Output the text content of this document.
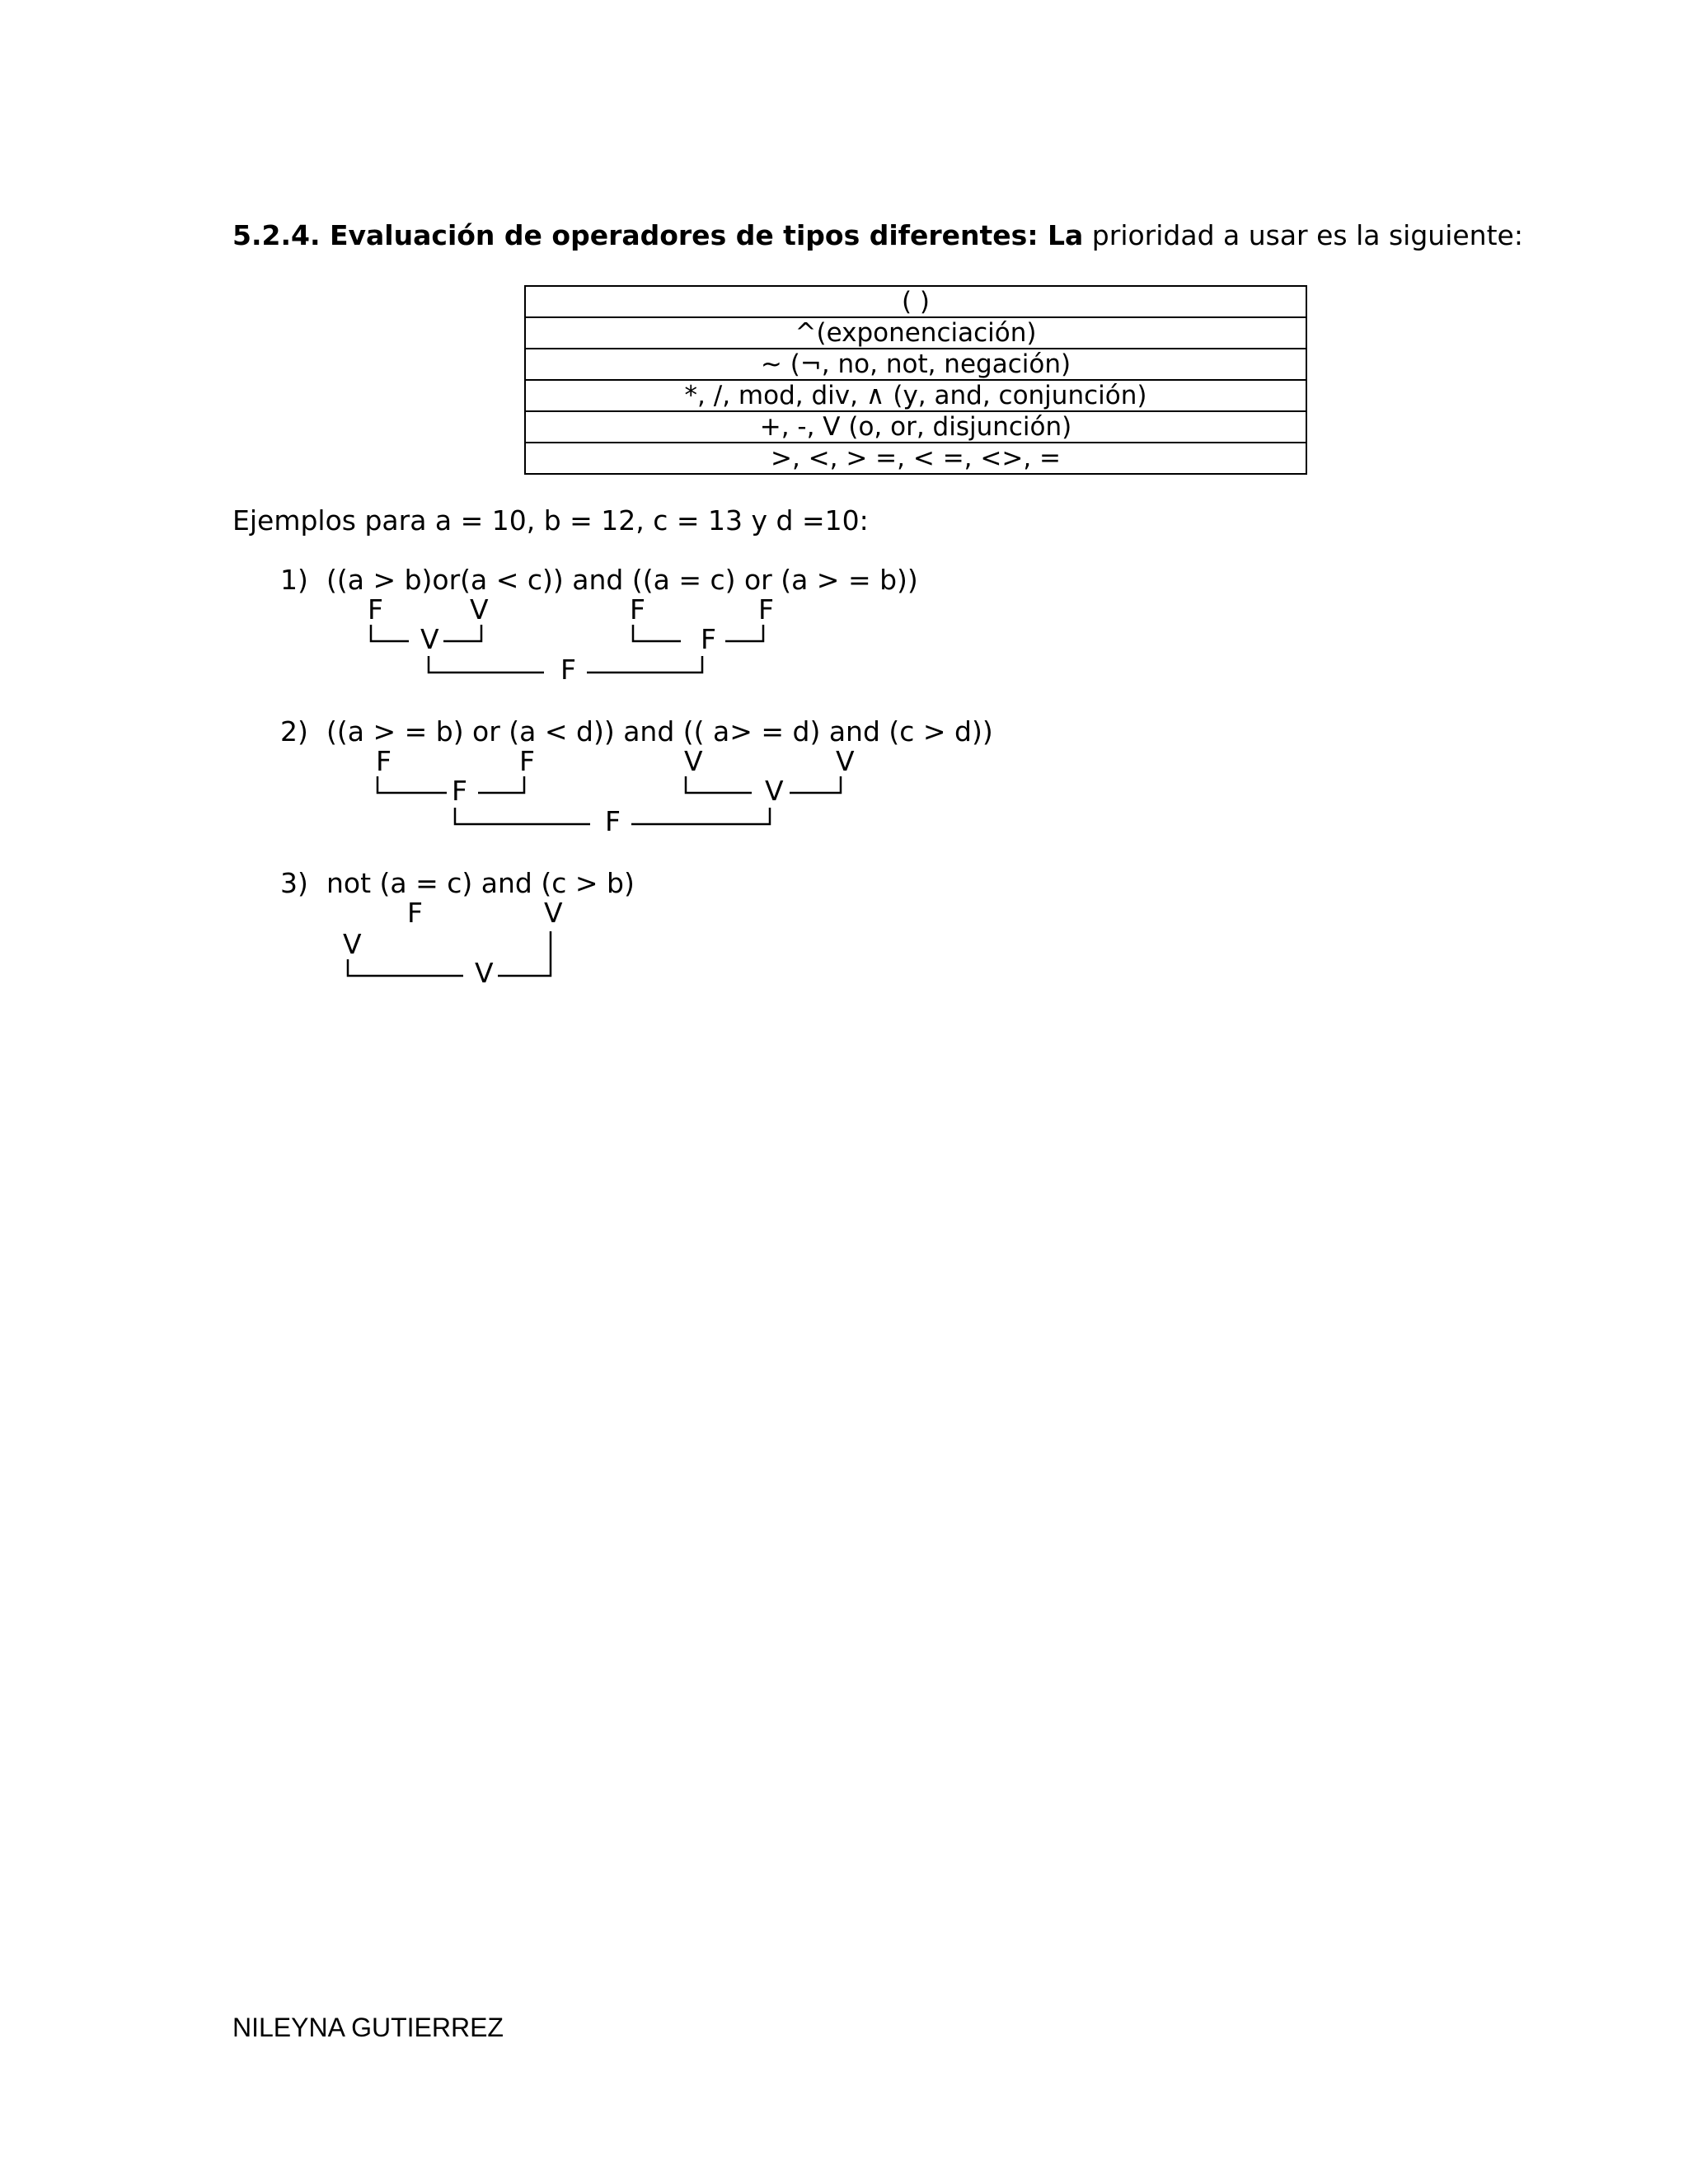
5.2.4. Evaluación de operadores de tipos diferentes: La prioridad a usar es la siguiente:
( )
^(exponenciación)
~ (¬, no, not, negación)
*, /, mod, div, ∧ (y, and, conjunción)
+, -, V (o, or, disjunción)
>, <, > =, < =, <>, =
Ejemplos para a = 10, b = 12, c = 13 y d =10:
1) ((a > b)or(a < c)) and ((a = c) or (a > = b))
F	V	F	F
V	F
F
2) ((a > = b) or (a < d)) and (( a> = d) and (c > d))
F	F	V	V
F	V
F
3) not (a = c) and (c > b)
F	V
V
V
NILEYNA GUTIERREZ
